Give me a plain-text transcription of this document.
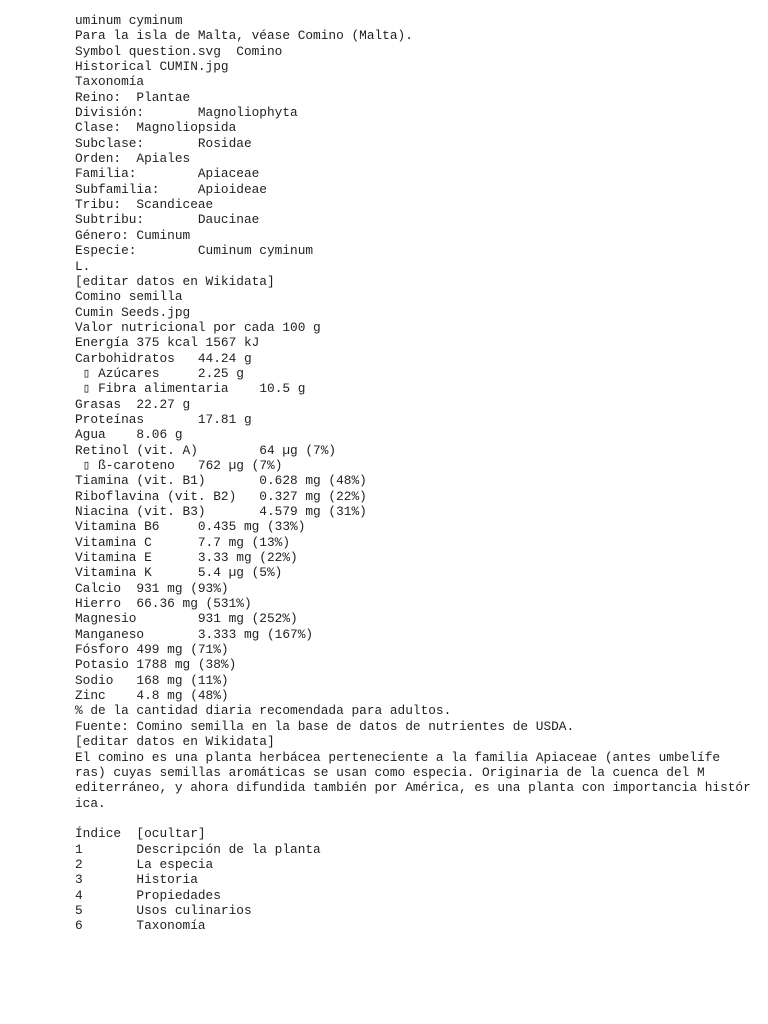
uminum cyminum
Para la isla de Malta, véase Comino (Malta).
Symbol question.svg  Comino
Historical CUMIN.jpg
Taxonomía
Reino:  Plantae
División:       Magnoliophyta
Clase:  Magnoliopsida
Subclase:       Rosidae
Orden:  Apiales
Familia:        Apiaceae
Subfamilia:     Apioideae
Tribu:  Scandiceae
Subtribu:       Daucinae
Género: Cuminum
Especie:        Cuminum cyminum
L.
[editar datos en Wikidata]
Comino semilla
Cumin Seeds.jpg
Valor nutricional por cada 100 g
Energía 375 kcal 1567 kJ
Carbohidratos   44.24 g
▯ Azúcares     2.25 g
▯ Fibra alimentaria    10.5 g
Grasas  22.27 g
Proteínas       17.81 g
Agua    8.06 g
Retinol (vit. A)        64 µg (7%)
▯ ß-caroteno   762 µg (7%)
Tiamina (vit. B1)       0.628 mg (48%)
Riboflavina (vit. B2)   0.327 mg (22%)
Niacina (vit. B3)       4.579 mg (31%)
Vitamina B6     0.435 mg (33%)
Vitamina C      7.7 mg (13%)
Vitamina E      3.33 mg (22%)
Vitamina K      5.4 µg (5%)
Calcio  931 mg (93%)
Hierro  66.36 mg (531%)
Magnesio        931 mg (252%)
Manganeso       3.333 mg (167%)
Fósforo 499 mg (71%)
Potasio 1788 mg (38%)
Sodio   168 mg (11%)
Zinc    4.8 mg (48%)
% de la cantidad diaria recomendada para adultos.
Fuente: Comino semilla en la base de datos de nutrientes de USDA.
[editar datos en Wikidata]
El comino es una planta herbácea perteneciente a la familia Apiaceae (antes umbelífe
ras) cuyas semillas aromáticas se usan como especia. Originaria de la cuenca del M
editerráneo, y ahora difundida también por América, es una planta con importancia histór
ica.
Índice  [ocultar]
1       Descripción de la planta
2       La especia
3       Historia
4       Propiedades
5       Usos culinarios
6       Taxonomía
